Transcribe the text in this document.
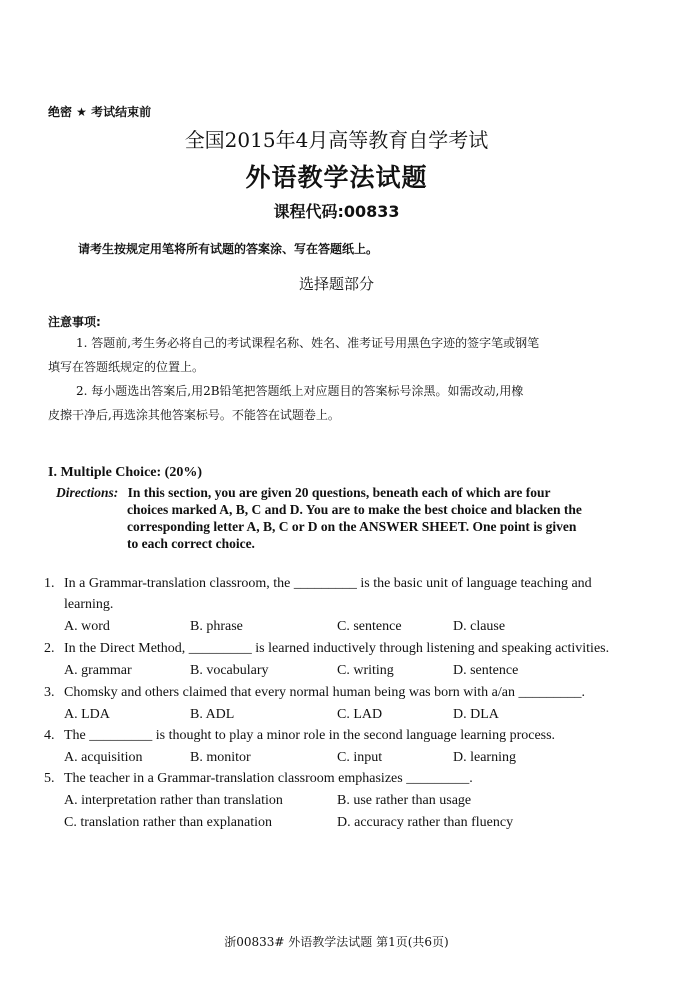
绝密 ★ 考试结束前
全国2015年4月高等教育自学考试
外语教学法试题
课程代码:00833
请考生按规定用笔将所有试题的答案涂、写在答题纸上。
选择题部分
注意事项:
1. 答题前,考生务必将自己的考试课程名称、姓名、准考证号用黑色字迹的签字笔或钢笔
填写在答题纸规定的位置上。
2. 每小题选出答案后,用2B铅笔把答题纸上对应题目的答案标号涂黑。如需改动,用橡
皮擦干净后,再选涂其他答案标号。不能答在试题卷上。
I. Multiple Choice: (20%)
Directions: In this section, you are given 20 questions, beneath each of which are four
choices marked A, B, C and D. You are to make the best choice and blacken the
corresponding letter A, B, C or D on the ANSWER SHEET. One point is given
to each correct choice.
1. In a Grammar-translation classroom, the _________ is the basic unit of language teaching and
learning.
A. word	B. phrase	C. sentence	D. clause
2. In the Direct Method, _________ is learned inductively through listening and speaking activities.
A. grammar	B. vocabulary	C. writing	D. sentence
3. Chomsky and others claimed that every normal human being was born with a/an _________.
A. LDA	B. ADL	C. LAD	D. DLA
4. The _________ is thought to play a minor role in the second language learning process.
A. acquisition	B. monitor	C. input	D. learning
5. The teacher in a Grammar-translation classroom emphasizes _________.
A. interpretation rather than translation	B. use rather than usage
C. translation rather than explanation	D. accuracy rather than fluency
浙00833# 外语教学法试题 第1页(共6页)
